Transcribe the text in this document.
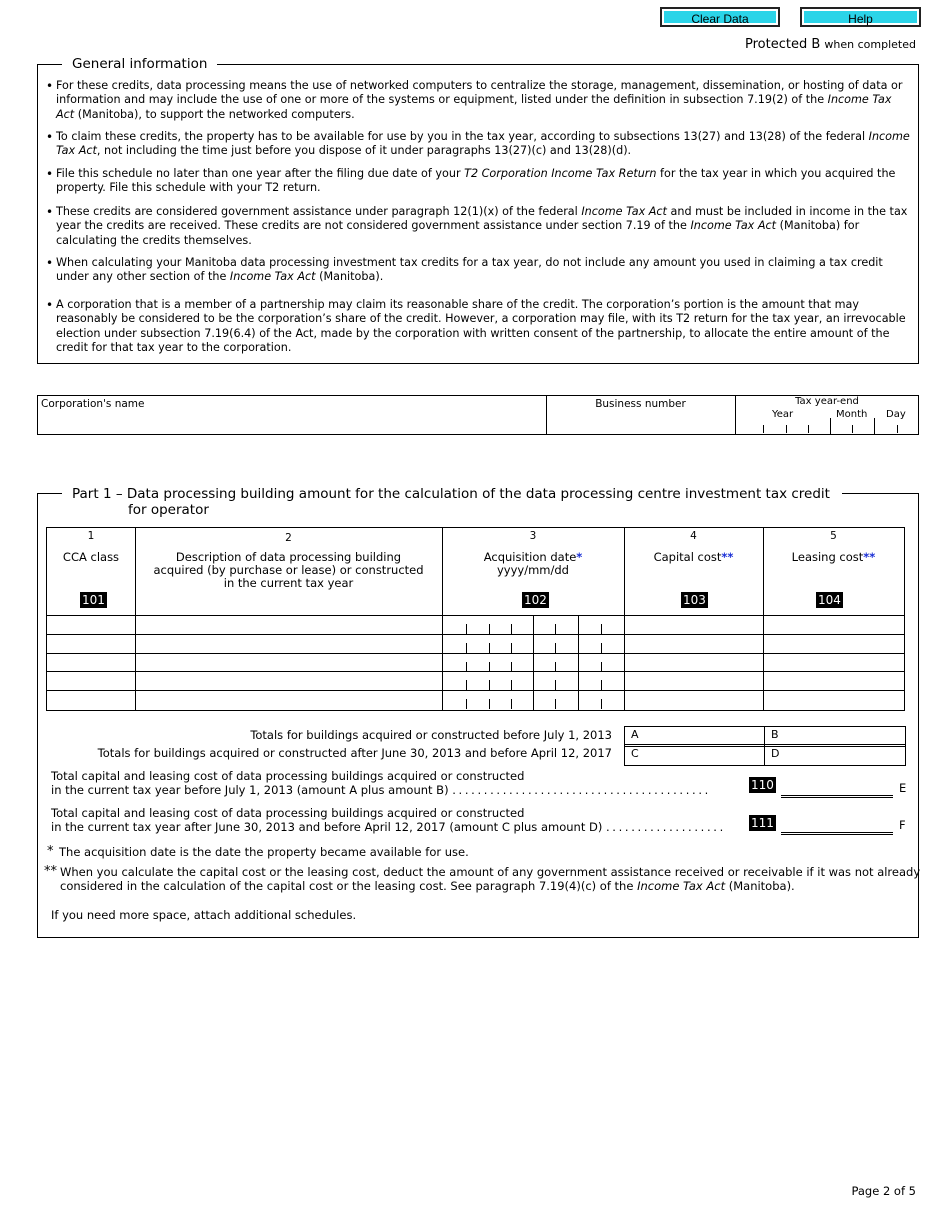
Clear Data	Help
Protected B when completed
General information
• For these credits, data processing means the use of networked computers to centralize the storage, management, dissemination, or hosting of data or information and may include the use of one or more of the systems or equipment, listed under the definition in subsection 7.19(2) of the Income Tax Act (Manitoba), to support the networked computers.
• To claim these credits, the property has to be available for use by you in the tax year, according to subsections 13(27) and 13(28) of the federal Income Tax Act, not including the time just before you dispose of it under paragraphs 13(27)(c) and 13(28)(d).
• File this schedule no later than one year after the filing due date of your T2 Corporation Income Tax Return for the tax year in which you acquired the property. File this schedule with your T2 return.
• These credits are considered government assistance under paragraph 12(1)(x) of the federal Income Tax Act and must be included in income in the tax year the credits are received. These credits are not considered government assistance under section 7.19 of the Income Tax Act (Manitoba) for calculating the credits themselves.
• When calculating your Manitoba data processing investment tax credits for a tax year, do not include any amount you used in claiming a tax credit under any other section of the Income Tax Act (Manitoba).
• A corporation that is a member of a partnership may claim its reasonable share of the credit. The corporation’s portion is the amount that may reasonably be considered to be the corporation’s share of the credit. However, a corporation may file, with its T2 return for the tax year, an irrevocable election under subsection 7.19(6.4) of the Act, made by the corporation with written consent of the partnership, to allocate the entire amount of the credit for that tax year to the corporation.
Corporation's name	Business number	Tax year-end
Year	Month Day
Part 1 – Data processing building amount for the calculation of the data processing centre investment tax credit
for operator
1
CCA class
101
2
Description of data processing building acquired (by purchase or lease) or constructed in the current tax year
3
Acquisition date*
yyyy/mm/dd
102
4
Capital cost**
103
5
Leasing cost**
104
Totals for buildings acquired or constructed before July 1, 2013
Totals for buildings acquired or constructed after June 30, 2013 and before April 12, 2017
A	B
C	D
Total capital and leasing cost of data processing buildings acquired or constructed
in the current tax year before July 1, 2013 (amount A plus amount B) . . . . . . . . . . . . . . . . . . . . . . . . . . . . . . . . . . . . . . . . .	110	E
Total capital and leasing cost of data processing buildings acquired or constructed
in the current tax year after June 30, 2013 and before April 12, 2017 (amount C plus amount D) . . . . . . . . . . . . . . . . . . . 111	F
* The acquisition date is the date the property became available for use.
** When you calculate the capital cost or the leasing cost, deduct the amount of any government assistance received or receivable if it was not already
considered in the calculation of the capital cost or the leasing cost. See paragraph 7.19(4)(c) of the Income Tax Act (Manitoba).
If you need more space, attach additional schedules.
Page 2 of 5
